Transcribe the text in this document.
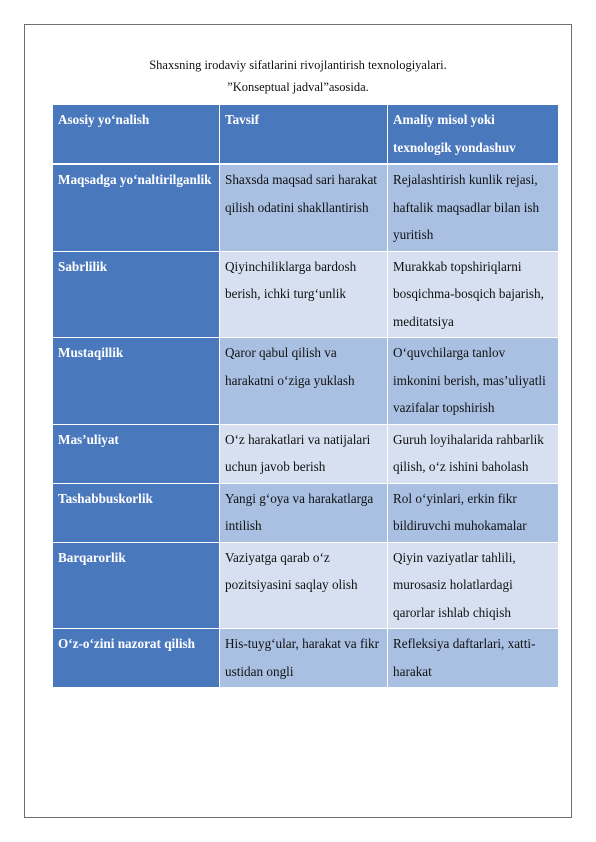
Shaxsning irodaviy sifatlarini rivojlantirish texnologiyalari.
”Konseptual jadval”asosida.
Asosiy yo‘nalish	Tavsif	Amaliy misol yoki texnologik yondashuv
Maqsadga yo‘naltirilganlik	Shaxsda maqsad sari harakat qilish odatini shakllantirish	Rejalashtirish kunlik rejasi, haftalik maqsadlar bilan ish yuritish
Sabrlilik	Qiyinchiliklarga bardosh berish, ichki turg‘unlik	Murakkab topshiriqlarni bosqichma-bosqich bajarish, meditatsiya
Mustaqillik	Qaror qabul qilish va harakatni o‘ziga yuklash	O‘quvchilarga tanlov imkonini berish, mas’uliyatli vazifalar topshirish
Mas’uliyat	O‘z harakatlari va natijalari uchun javob berish	Guruh loyihalarida rahbarlik qilish, o‘z ishini baholash
Tashabbuskorlik	Yangi g‘oya va harakatlarga intilish	Rol o‘yinlari, erkin fikr bildiruvchi muhokamalar
Barqarorlik	Vaziyatga qarab o‘z pozitsiyasini saqlay olish	Qiyin vaziyatlar tahlili, murosasiz holatlardagi qarorlar ishlab chiqish
O‘z-o‘zini nazorat qilish	His-tuyg‘ular, harakat va fikr ustidan ongli	Refleksiya daftarlari, xatti-harakat
